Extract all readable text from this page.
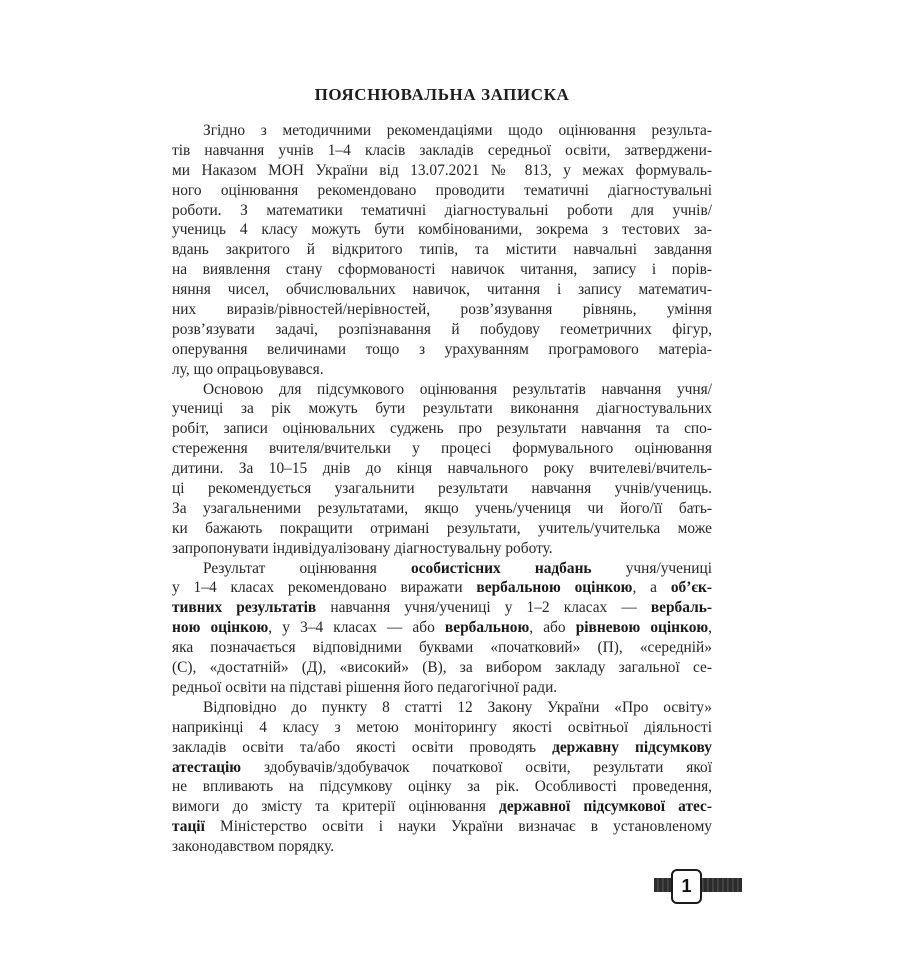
ПОЯСНЮВАЛЬНА ЗАПИСКА
Згідно з методичними рекомендаціями щодо оцінювання результа-
тів навчання учнів 1–4 класів закладів середньої освіти, затверджени-
ми Наказом МОН України від 13.07.2021 № 813, у межах формуваль-
ного оцінювання рекомендовано проводити тематичні діагностувальні
роботи. З математики тематичні діагностувальні роботи для учнів/
учениць 4 класу можуть бути комбінованими, зокрема з тестових за-
вдань закритого й відкритого типів, та містити навчальні завдання
на виявлення стану сформованості навичок читання, запису і порів-
няння чисел, обчислювальних навичок, читання і запису математич-
них виразів/рівностей/нерівностей, розв’язування рівнянь, уміння
розв’язувати задачі, розпізнавання й побудову геометричних фігур,
оперування величинами тощо з урахуванням програмового матеріа-
лу, що опрацьовувався.
Основою для підсумкового оцінювання результатів навчання учня/
учениці за рік можуть бути результати виконання діагностувальних
робіт, записи оцінювальних суджень про результати навчання та спо-
стереження вчителя/вчительки у процесі формувального оцінювання
дитини. За 10–15 днів до кінця навчального року вчителеві/вчитель-
ці рекомендується узагальнити результати навчання учнів/учениць.
За узагальненими результатами, якщо учень/учениця чи його/її бать-
ки бажають покращити отримані результати, учитель/учителька може
запропонувати індивідуалізовану діагностувальну роботу.
Результат оцінювання особистісних надбань учня/учениці
у 1–4 класах рекомендовано виражати вербальною оцінкою, а об’єк-
тивних результатів навчання учня/учениці у 1–2 класах — вербаль-
ною оцінкою, у 3–4 класах — або вербальною, або рівневою оцінкою,
яка позначається відповідними буквами «початковий» (П), «середній»
(С), «достатній» (Д), «високий» (В), за вибором закладу загальної се-
редньої освіти на підставі рішення його педагогічної ради.
Відповідно до пункту 8 статті 12 Закону України «Про освіту»
наприкінці 4 класу з метою моніторингу якості освітньої діяльності
закладів освіти та/або якості освіти проводять державну підсумкову
атестацію здобувачів/здобувачок початкової освіти, результати якої
не впливають на підсумкову оцінку за рік. Особливості проведення,
вимоги до змісту та критерії оцінювання державної підсумкової атес-
тації Міністерство освіти і науки України визначає в установленому
законодавством порядку.
1
